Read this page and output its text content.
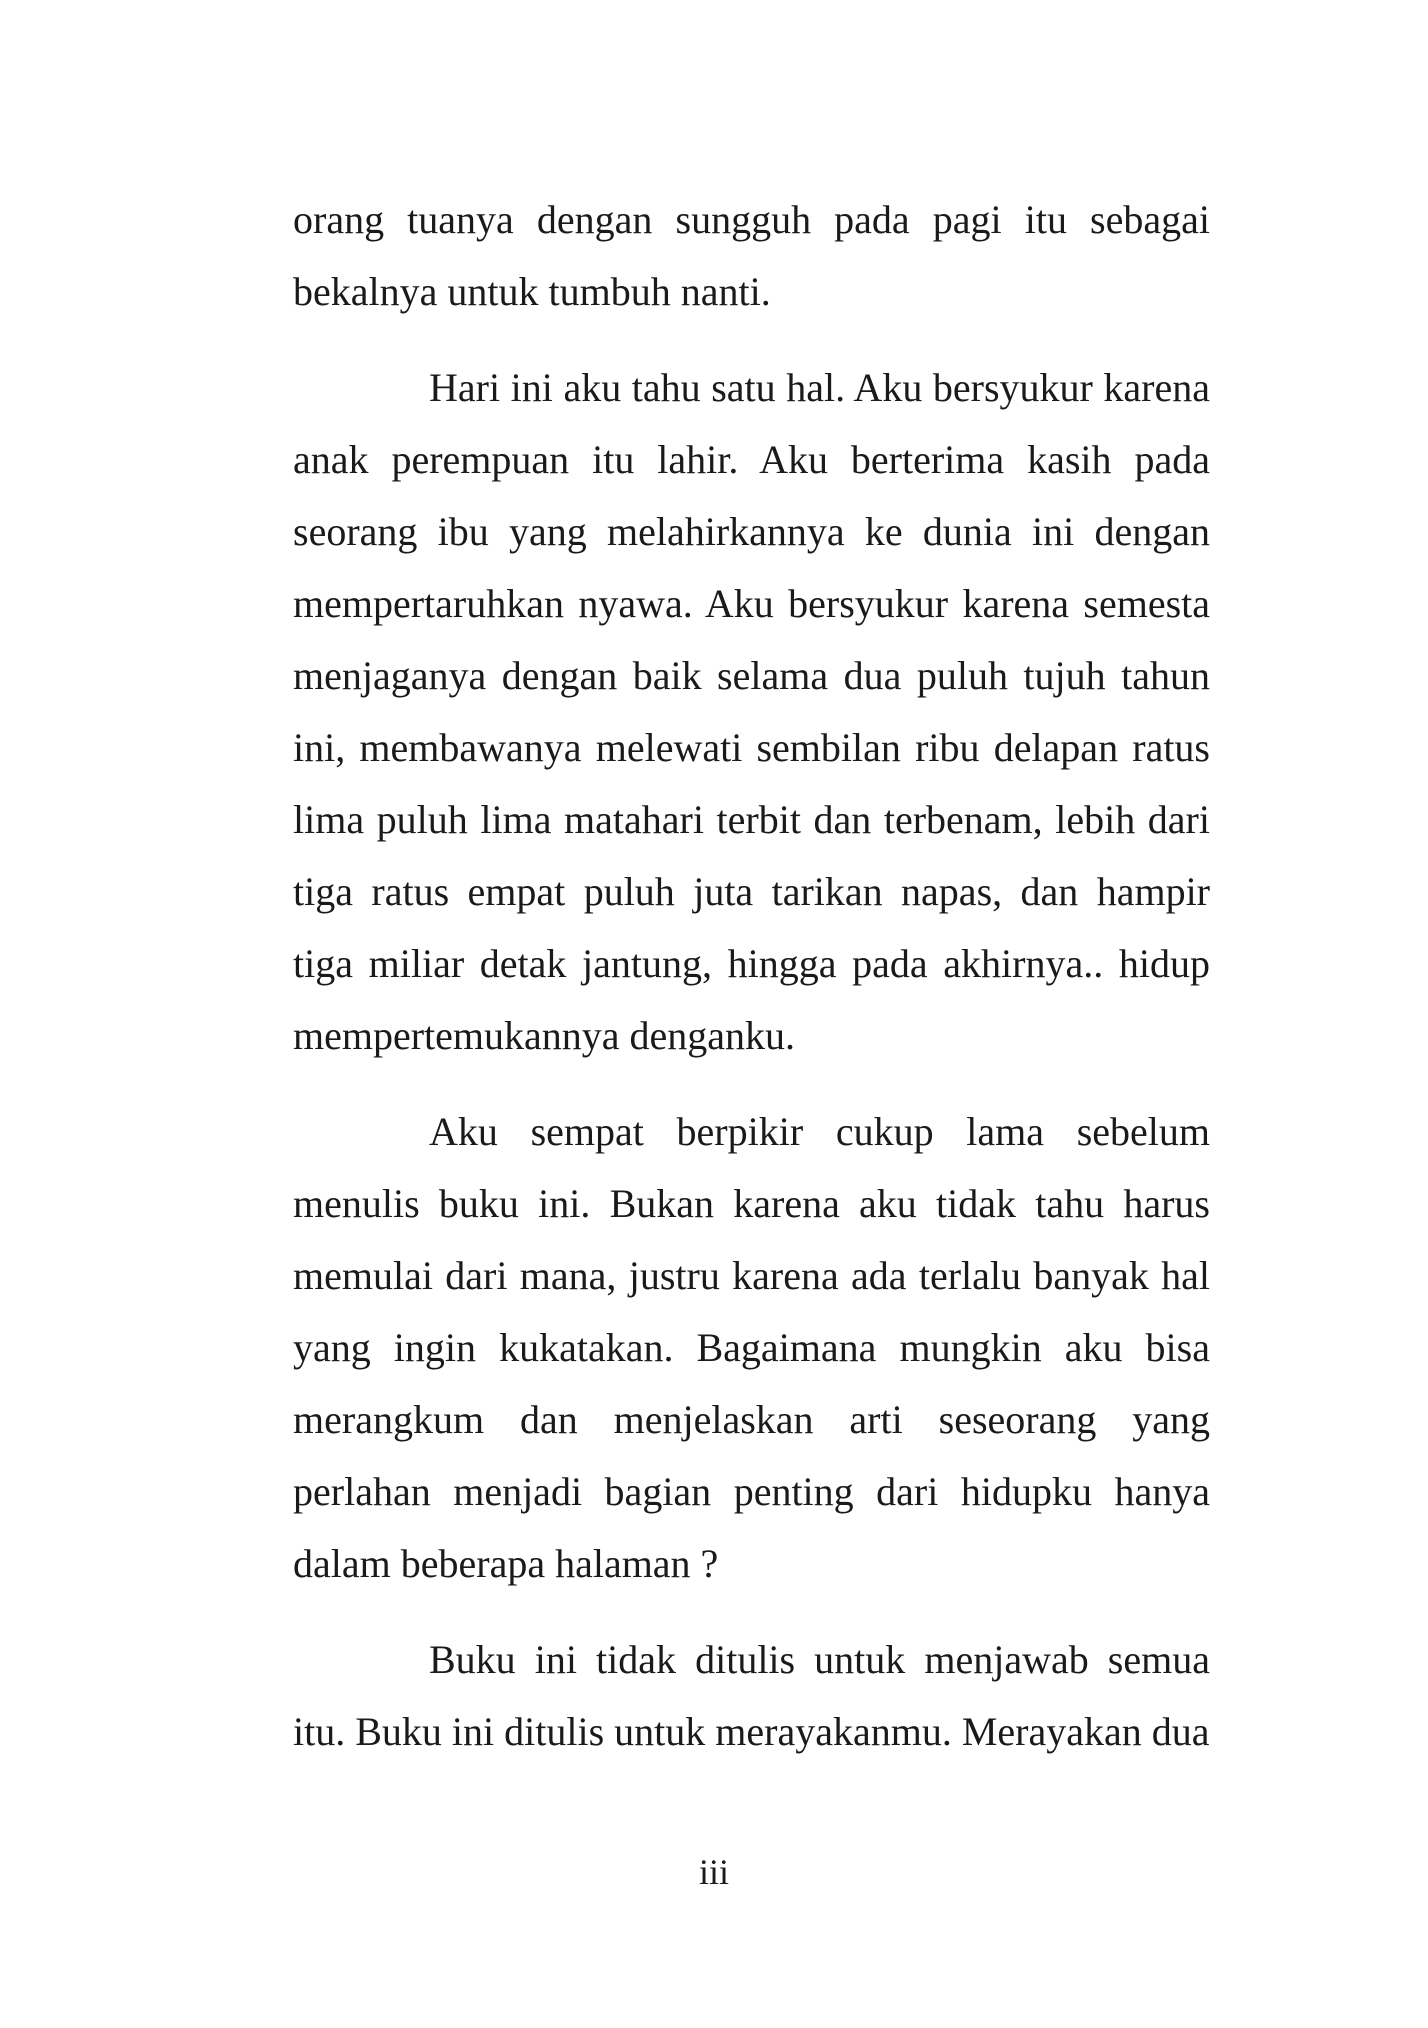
orang tuanya dengan sungguh pada pagi itu sebagai bekalnya untuk tumbuh nanti.

Hari ini aku tahu satu hal. Aku bersyukur karena anak perempuan itu lahir. Aku berterima kasih pada seorang ibu yang melahirkannya ke dunia ini dengan mempertaruhkan nyawa. Aku bersyukur karena semesta menjaganya dengan baik selama dua puluh tujuh tahun ini, membawanya melewati sembilan ribu delapan ratus lima puluh lima matahari terbit dan terbenam, lebih dari tiga ratus empat puluh juta tarikan napas, dan hampir tiga miliar detak jantung, hingga pada akhirnya.. hidup mempertemukannya denganku.

Aku sempat berpikir cukup lama sebelum menulis buku ini. Bukan karena aku tidak tahu harus memulai dari mana, justru karena ada terlalu banyak hal yang ingin kukatakan. Bagaimana mungkin aku bisa merangkum dan menjelaskan arti seseorang yang perlahan menjadi bagian penting dari hidupku hanya dalam beberapa halaman ?

Buku ini tidak ditulis untuk menjawab semua itu. Buku ini ditulis untuk merayakanmu. Merayakan dua

iii
